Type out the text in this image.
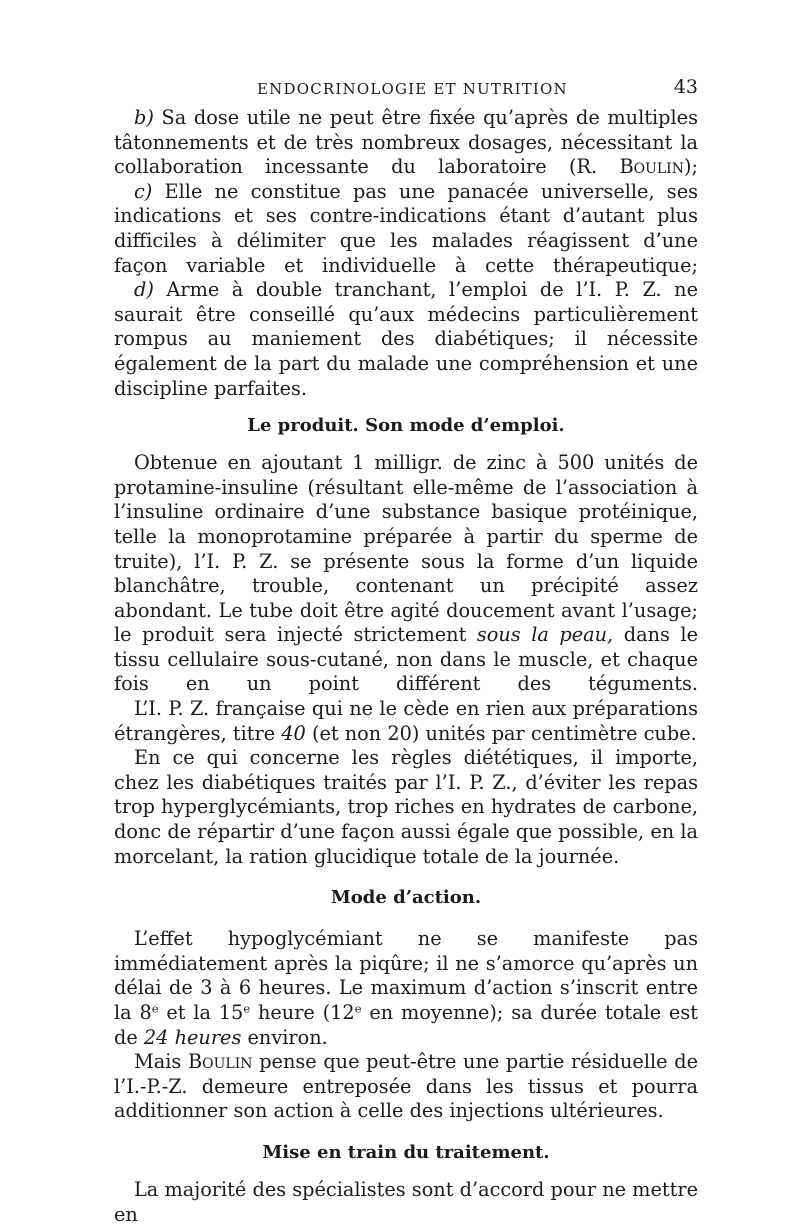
ENDOCRINOLOGIE ET NUTRITION	43

b) Sa dose utile ne peut être fixée qu’après de multiples tâtonnements et de très nombreux dosages, nécessitant la collaboration incessante du laboratoire (R. Boulin);

c) Elle ne constitue pas une panacée universelle, ses indications et ses contre-indications étant d’autant plus difficiles à délimiter que les malades réagissent d’une façon variable et individuelle à cette thérapeutique;

d) Arme à double tranchant, l’emploi de l’I. P. Z. ne saurait être conseillé qu’aux médecins particulièrement rompus au maniement des diabétiques; il nécessite également de la part du malade une compréhension et une discipline parfaites.

Le produit. Son mode d’emploi.

Obtenue en ajoutant 1 milligr. de zinc à 500 unités de protamine-insuline (résultant elle-même de l’association à l’insuline ordinaire d’une substance basique protéinique, telle la monoprotamine préparée à partir du sperme de truite), l’I. P. Z. se présente sous la forme d’un liquide blanchâtre, trouble, contenant un précipité assez abondant. Le tube doit être agité doucement avant l’usage; le produit sera injecté strictement sous la peau, dans le tissu cellulaire sous-cutané, non dans le muscle, et chaque fois en un point différent des téguments.

L’I. P. Z. française qui ne le cède en rien aux préparations étrangères, titre 40 (et non 20) unités par centimètre cube.

En ce qui concerne les règles diététiques, il importe, chez les diabétiques traités par l’I. P. Z., d’éviter les repas trop hyperglycémiants, trop riches en hydrates de carbone, donc de répartir d’une façon aussi égale que possible, en la morcelant, la ration glucidique totale de la journée.

Mode d’action.

L’effet hypoglycémiant ne se manifeste pas immédiatement après la piqûre; il ne s’amorce qu’après un délai de 3 à 6 heures. Le maximum d’action s’inscrit entre la 8e et la 15e heure (12e en moyenne); sa durée totale est de 24 heures environ.

Mais Boulin pense que peut-être une partie résiduelle de l’I.-P.-Z. demeure entreposée dans les tissus et pourra additionner son action à celle des injections ultérieures.

Mise en train du traitement.

La majorité des spécialistes sont d’accord pour ne mettre en
